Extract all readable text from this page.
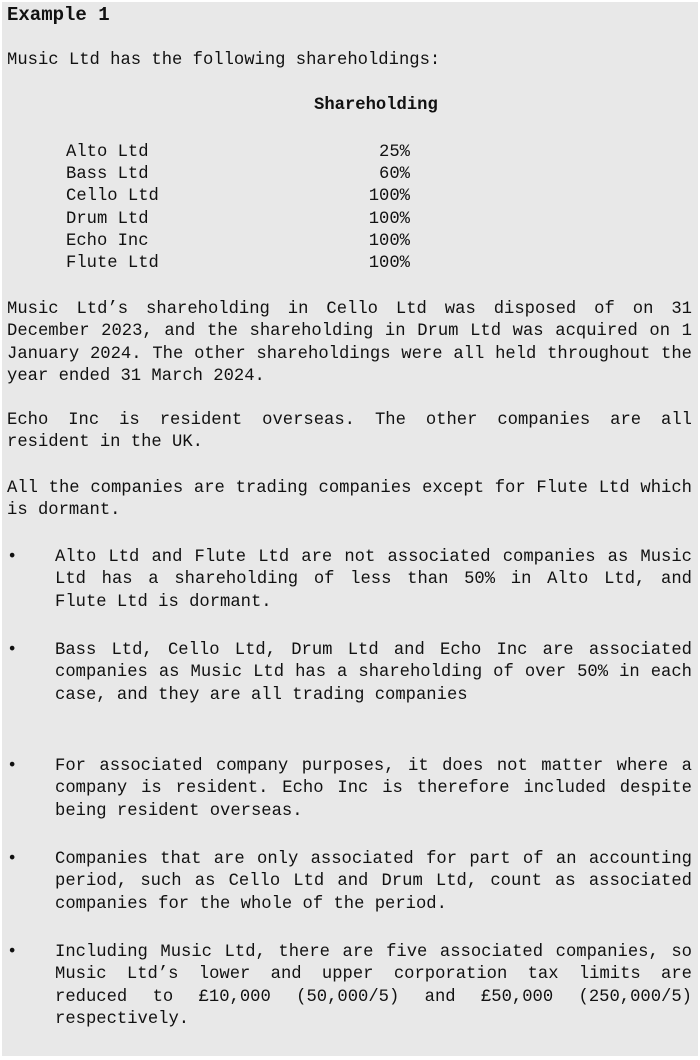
Example 1
Music Ltd has the following shareholdings:
Shareholding
Alto Ltd	25%
Bass Ltd	60%
Cello Ltd	100%
Drum Ltd	100%
Echo Inc	100%
Flute Ltd	100%
Music Ltd’s shareholding in Cello Ltd was disposed of on 31 December 2023, and the shareholding in Drum Ltd was acquired on 1 January 2024. The other shareholdings were all held throughout the year ended 31 March 2024.
Echo Inc is resident overseas. The other companies are all resident in the UK.
All the companies are trading companies except for Flute Ltd which is dormant.
• Alto Ltd and Flute Ltd are not associated companies as Music Ltd has a shareholding of less than 50% in Alto Ltd, and Flute Ltd is dormant.
• Bass Ltd, Cello Ltd, Drum Ltd and Echo Inc are associated companies as Music Ltd has a shareholding of over 50% in each case, and they are all trading companies
• For associated company purposes, it does not matter where a company is resident. Echo Inc is therefore included despite being resident overseas.
• Companies that are only associated for part of an accounting period, such as Cello Ltd and Drum Ltd, count as associated companies for the whole of the period.
• Including Music Ltd, there are five associated companies, so Music Ltd’s lower and upper corporation tax limits are reduced to £10,000 (50,000/5) and £50,000 (250,000/5) respectively.
